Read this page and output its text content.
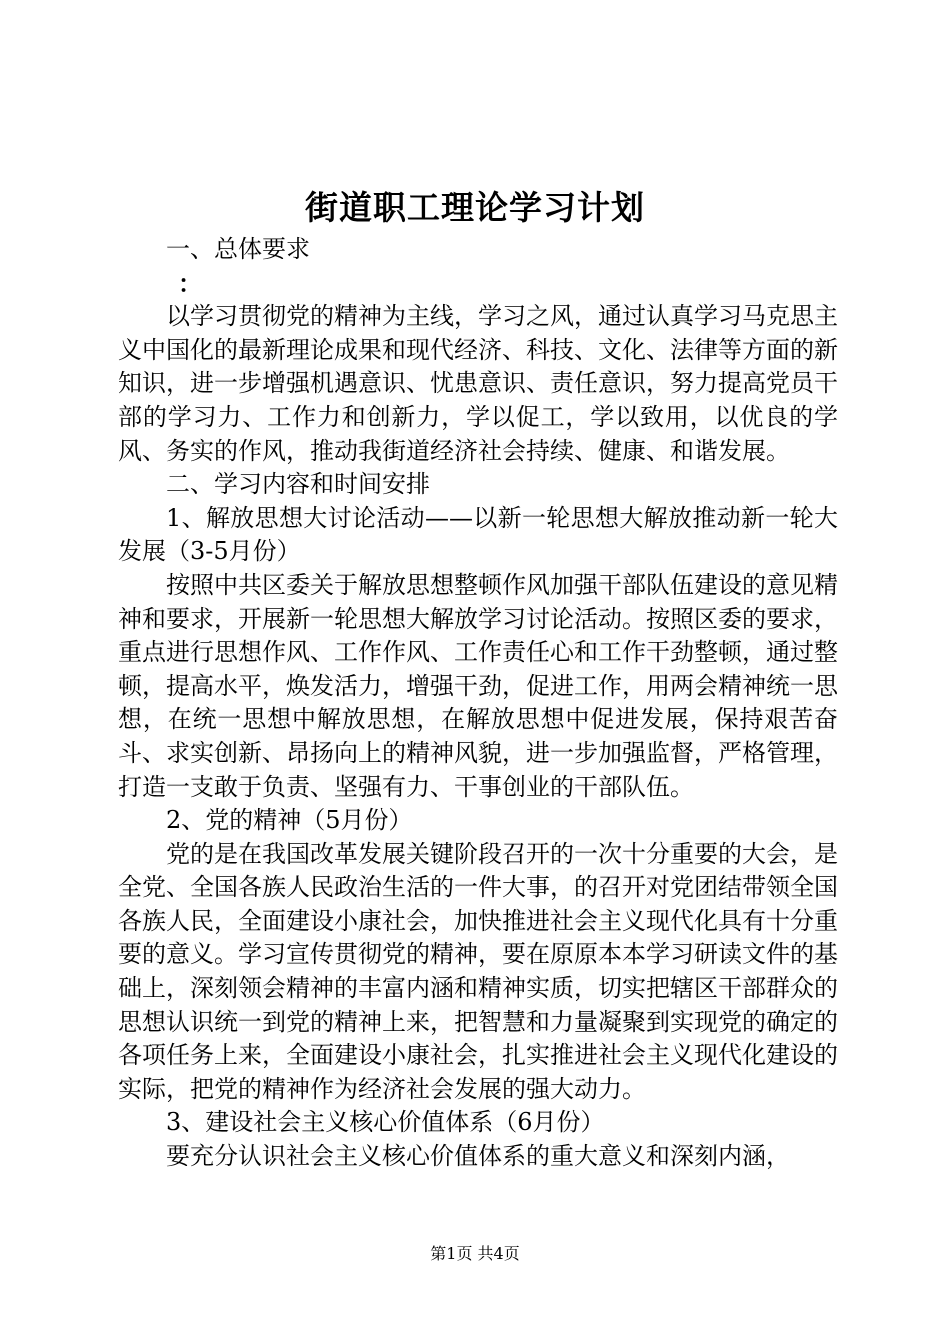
街道职工理论学习计划

一、总体要求

：

以学习贯彻党的精神为主线，学习之风，通过认真学习马克思主义中国化的最新理论成果和现代经济、科技、文化、法律等方面的新知识，进一步增强机遇意识、忧患意识、责任意识，努力提高党员干部的学习力、工作力和创新力，学以促工，学以致用，以优良的学风、务实的作风，推动我街道经济社会持续、健康、和谐发展。

二、学习内容和时间安排

1、解放思想大讨论活动——以新一轮思想大解放推动新一轮大发展（3-5月份）

按照中共区委关于解放思想整顿作风加强干部队伍建设的意见精神和要求，开展新一轮思想大解放学习讨论活动。按照区委的要求，重点进行思想作风、工作作风、工作责任心和工作干劲整顿，通过整顿，提高水平，焕发活力，增强干劲，促进工作，用两会精神统一思想，在统一思想中解放思想，在解放思想中促进发展，保持艰苦奋斗、求实创新、昂扬向上的精神风貌，进一步加强监督，严格管理，打造一支敢于负责、坚强有力、干事创业的干部队伍。

2、党的精神（5月份）

党的是在我国改革发展关键阶段召开的一次十分重要的大会，是全党、全国各族人民政治生活的一件大事，的召开对党团结带领全国各族人民，全面建设小康社会，加快推进社会主义现代化具有十分重要的意义。学习宣传贯彻党的精神，要在原原本本学习研读文件的基础上，深刻领会精神的丰富内涵和精神实质，切实把辖区干部群众的思想认识统一到党的精神上来，把智慧和力量凝聚到实现党的确定的各项任务上来，全面建设小康社会，扎实推进社会主义现代化建设的实际，把党的精神作为经济社会发展的强大动力。

3、建设社会主义核心价值体系（6月份）

要充分认识社会主义核心价值体系的重大意义和深刻内涵，

第1页 共4页
